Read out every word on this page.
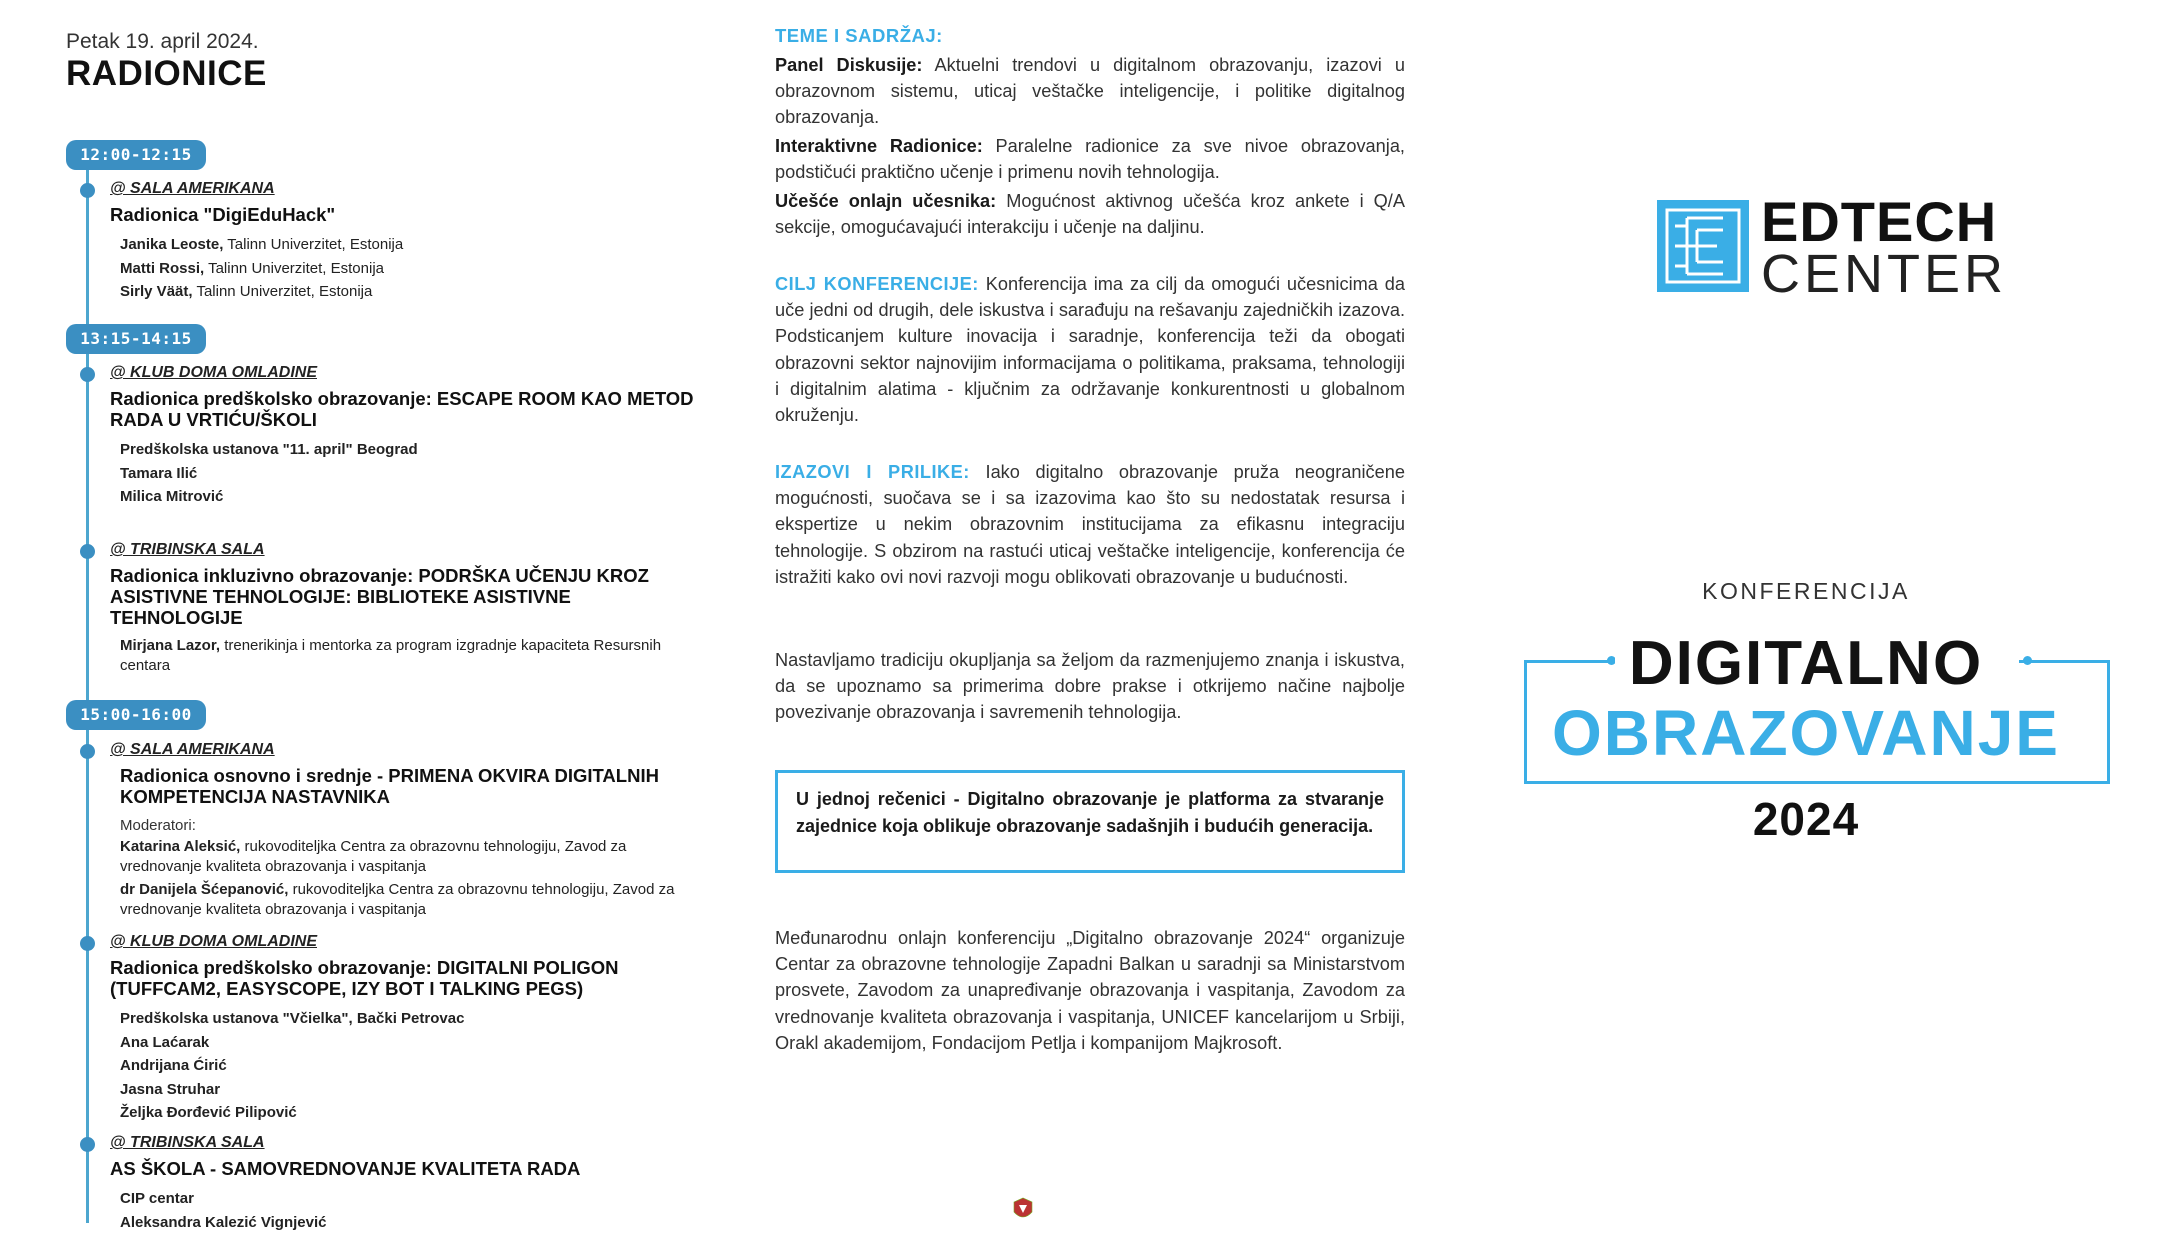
Petak 19. april 2024.
RADIONICE
12:00-12:15
@ SALA AMERIKANA
Radionica "DigiEduHack"
Janika Leoste, Talinn Univerzitet, Estonija
Matti Rossi, Talinn Univerzitet, Estonija
Sirly Väät, Talinn Univerzitet, Estonija
13:15-14:15
@ KLUB DOMA OMLADINE
Radionica predškolsko obrazovanje: ESCAPE ROOM KAO METOD RADA U VRTIĆU/ŠKOLI
Predškolska ustanova "11. april" Beograd
Tamara Ilić
Milica Mitrović
@ TRIBINSKA SALA
Radionica inkluzivno obrazovanje: PODRŠKA UČENJU KROZ ASISTIVNE TEHNOLOGIJE: BIBLIOTEKE ASISTIVNE TEHNOLOGIJE
Mirjana Lazor, trenerikinja i mentorka za program izgradnje kapaciteta Resursnih centara
15:00-16:00
@ SALA AMERIKANA
Radionica osnovno i srednje - PRIMENA OKVIRA DIGITALNIH KOMPETENCIJA NASTAVNIKA
Moderatori:
Katarina Aleksić, rukovoditeljka Centra za obrazovnu tehnologiju, Zavod za vrednovanje kvaliteta obrazovanja i vaspitanja
dr Danijela Šćepanović, rukovoditeljka Centra za obrazovnu tehnologiju, Zavod za vrednovanje kvaliteta obrazovanja i vaspitanja
@ KLUB DOMA OMLADINE
Radionica predškolsko obrazovanje: DIGITALNI POLIGON (TUFFCAM2, EASYSCOPE, IZY BOT I TALKING PEGS)
Predškolska ustanova "Včielka", Bački Petrovac
Ana Laćarak
Andrijana Ćirić
Jasna Struhar
Željka Đorđević Pilipović
@ TRIBINSKA SALA
AS ŠKOLA - SAMOVREDNOVANJE KVALITETA RADA
CIP centar
Aleksandra Kalezić Vignjević
TEME I SADRŽAJ:
Panel Diskusije: Aktuelni trendovi u digitalnom obrazovanju, izazovi u obrazovnom sistemu, uticaj veštačke inteligencije, i politike digitalnog obrazovanja.
Interaktivne Radionice: Paralelne radionice za sve nivoe obrazovanja, podstičući praktično učenje i primenu novih tehnologija.
Učešće onlajn učesnika: Mogućnost aktivnog učešća kroz ankete i Q/A sekcije, omogućavajući interakciju i učenje na daljinu.
CILJ KONFERENCIJE: Konferencija ima za cilj da omogući učesnicima da uče jedni od drugih, dele iskustva i sarađuju na rešavanju zajedničkih izazova. Podsticanjem kulture inovacija i saradnje, konferencija teži da obogati obrazovni sektor najnovijim informacijama o politikama, praksama, tehnologiji i digitalnim alatima - ključnim za održavanje konkurentnosti u globalnom okruženju.
IZAZOVI I PRILIKE: Iako digitalno obrazovanje pruža neograničene mogućnosti, suočava se i sa izazovima kao što su nedostatak resursa i ekspertize u nekim obrazovnim institucijama za efikasnu integraciju tehnologije. S obzirom na rastući uticaj veštačke inteligencije, konferencija će istražiti kako ovi novi razvoji mogu oblikovati obrazovanje u budućnosti.
Nastavljamo tradiciju okupljanja sa željom da razmenjujemo znanja i iskustva, da se upoznamo sa primerima dobre prakse i otkrijemo načine najbolje povezivanje obrazovanja i savremenih tehnologija.
U jednoj rečenici - Digitalno obrazovanje je platforma za stvaranje zajednice koja oblikuje obrazovanje sadašnjih i budućih generacija.
Međunarodnu onlajn konferenciju „Digitalno obrazovanje 2024“ organizuje Centar za obrazovne tehnologije Zapadni Balkan u saradnji sa Ministarstvom prosvete, Zavodom za unapređivanje obrazovanja i vaspitanja, Zavodom za vrednovanje kvaliteta obrazovanja i vaspitanja, UNICEF kancelarijom u Srbiji, Orakl akademijom, Fondacijom Petlja i kompanijom Majkrosoft.
EDTECH
CENTER
KONFERENCIJA
DIGITALNO
OBRAZOVANJE
2024
